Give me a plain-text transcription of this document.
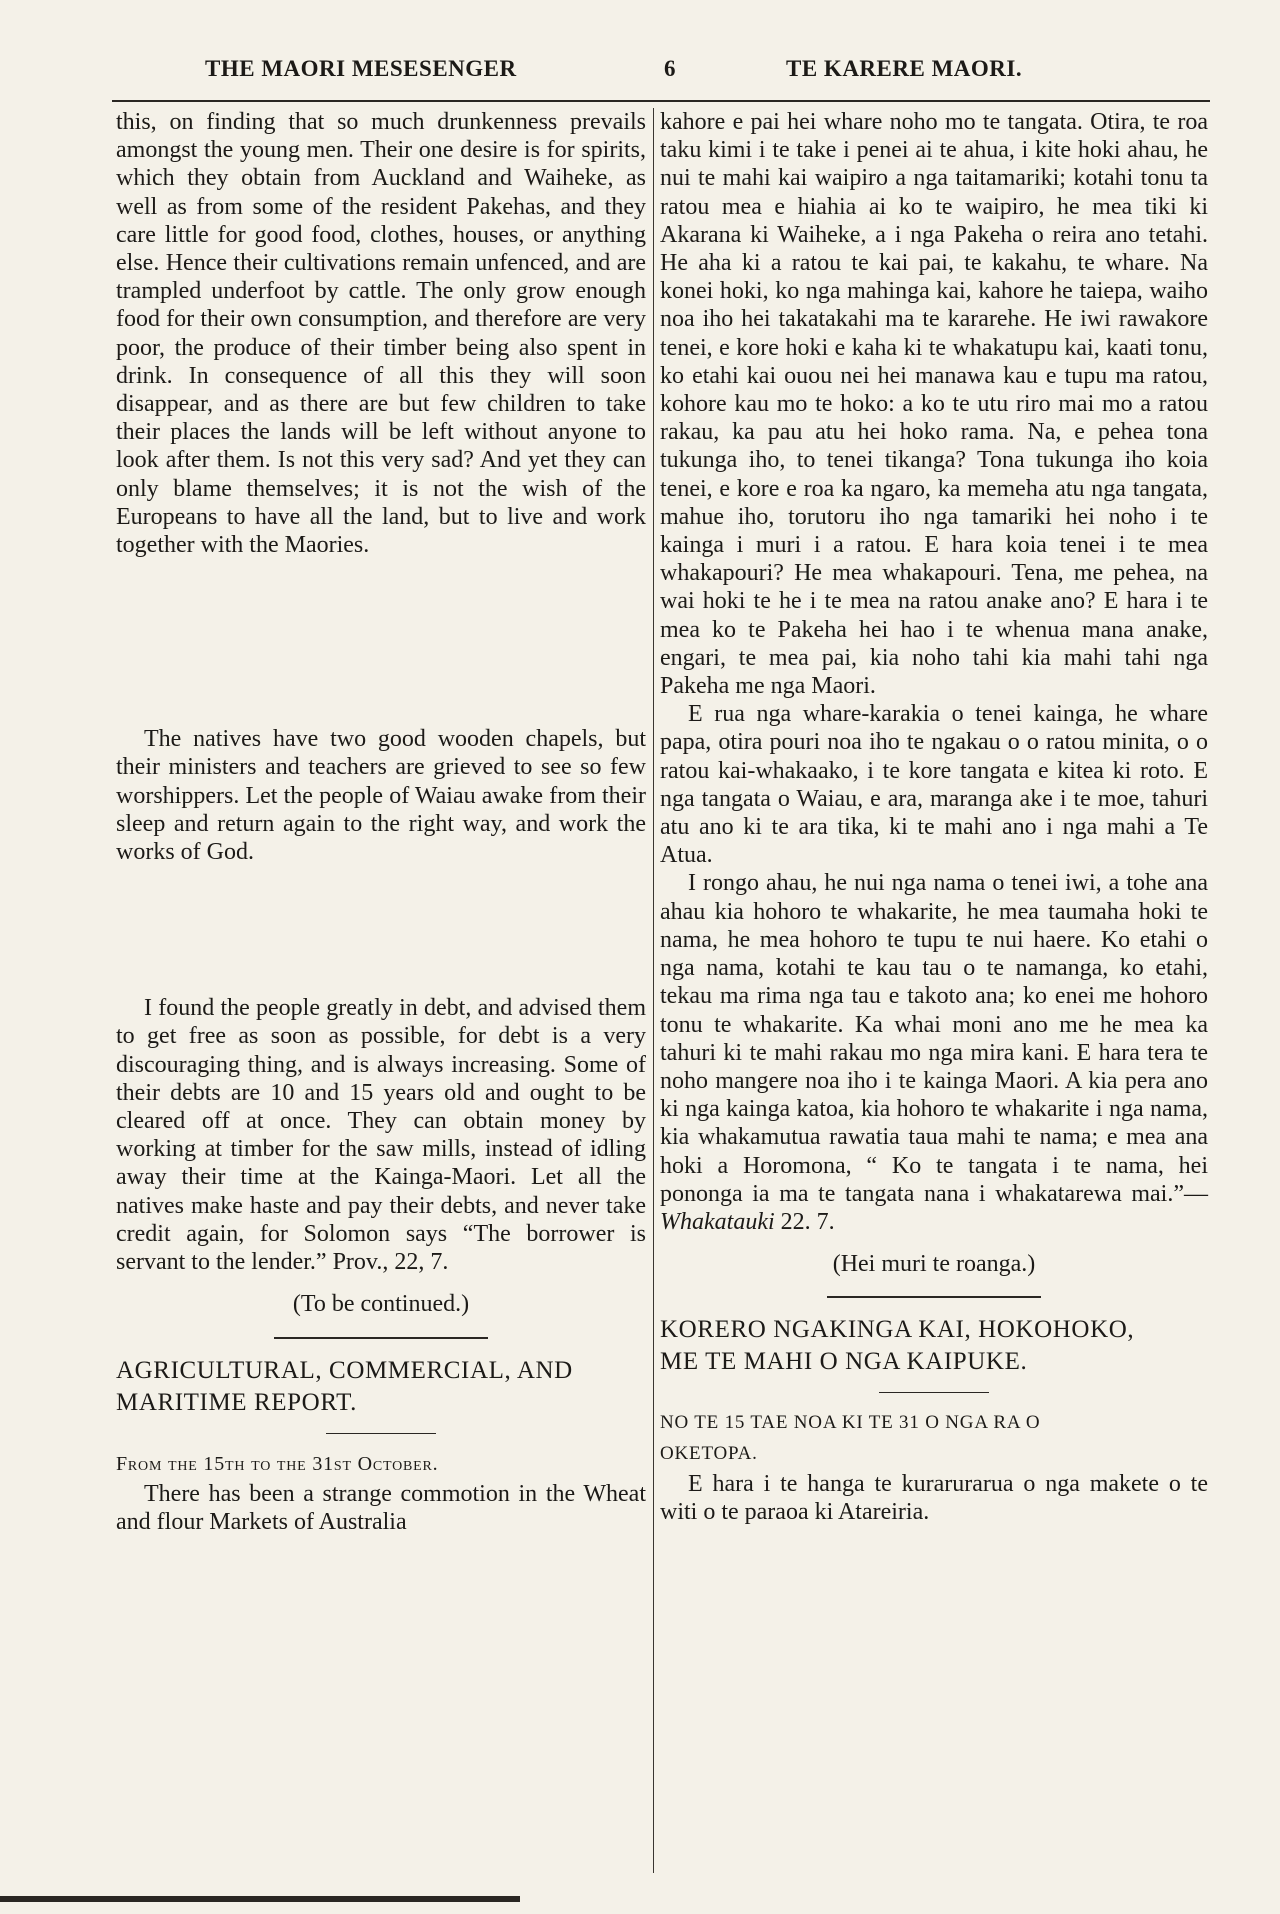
THE MAORI MESESENGER	6	TE KARERE MAORI.

this, on finding that so much drunkenness prevails amongst the young men. Their one desire is for spirits, which they obtain from Auckland and Waiheke, as well as from some of the resident Pakehas, and they care little for good food, clothes, houses, or anything else. Hence their cultivations remain unfenced, and are trampled underfoot by cattle. The only grow enough food for their own consumption, and therefore are very poor, the produce of their timber being also spent in drink. In consequence of all this they will soon disappear, and as there are but few children to take their places the lands will be left without anyone to look after them. Is not this very sad? And yet they can only blame themselves; it is not the wish of the Europeans to have all the land, but to live and work together with the Maories.

The natives have two good wooden chapels, but their ministers and teachers are grieved to see so few worshippers. Let the people of Waiau awake from their sleep and return again to the right way, and work the works of God.

I found the people greatly in debt, and advised them to get free as soon as possible, for debt is a very discouraging thing, and is always increasing. Some of their debts are 10 and 15 years old and ought to be cleared off at once. They can obtain money by working at timber for the saw mills, instead of idling away their time at the Kainga-Maori. Let all the natives make haste and pay their debts, and never take credit again, for Solomon says “The borrower is servant to the lender.” Prov., 22, 7.

(To be continued.)

AGRICULTURAL, COMMERCIAL, AND

MARITIME REPORT.

From the 15th to the 31st October.

There has been a strange commotion in the Wheat and flour Markets of Australia

kahore e pai hei whare noho mo te tangata. Otira, te roa taku kimi i te take i penei ai te ahua, i kite hoki ahau, he nui te mahi kai waipiro a nga taitamariki; kotahi tonu ta ratou mea e hiahia ai ko te waipiro, he mea tiki ki Akarana ki Waiheke, a i nga Pakeha o reira ano tetahi. He aha ki a ratou te kai pai, te kakahu, te whare. Na konei hoki, ko nga mahinga kai, kahore he taiepa, waiho noa iho hei takatakahi ma te kararehe. He iwi rawakore tenei, e kore hoki e kaha ki te whakatupu kai, kaati tonu, ko etahi kai ouou nei hei manawa kau e tupu ma ratou, kohore kau mo te hoko: a ko te utu riro mai mo a ratou rakau, ka pau atu hei hoko rama. Na, e pehea tona tukunga iho, to tenei tikanga? Tona tukunga iho koia tenei, e kore e roa ka ngaro, ka memeha atu nga tangata, mahue iho, torutoru iho nga tamariki hei noho i te kainga i muri i a ratou. E hara koia tenei i te mea whakapouri? He mea whakapouri. Tena, me pehea, na wai hoki te he i te mea na ratou anake ano? E hara i te mea ko te Pakeha hei hao i te whenua mana anake, engari, te mea pai, kia noho tahi kia mahi tahi nga Pakeha me nga Maori.

E rua nga whare-karakia o tenei kainga, he whare papa, otira pouri noa iho te ngakau o o ratou minita, o o ratou kai-whakaako, i te kore tangata e kitea ki roto. E nga tangata o Waiau, e ara, maranga ake i te moe, tahuri atu ano ki te ara tika, ki te mahi ano i nga mahi a Te Atua.

I rongo ahau, he nui nga nama o tenei iwi, a tohe ana ahau kia hohoro te whakarite, he mea taumaha hoki te nama, he mea hohoro te tupu te nui haere. Ko etahi o nga nama, kotahi te kau tau o te namanga, ko etahi, tekau ma rima nga tau e takoto ana; ko enei me hohoro tonu te whakarite. Ka whai moni ano me he mea ka tahuri ki te mahi rakau mo nga mira kani. E hara tera te noho mangere noa iho i te kainga Maori. A kia pera ano ki nga kainga katoa, kia hohoro te whakarite i nga nama, kia whakamutua rawatia taua mahi te nama; e mea ana hoki a Horomona, “ Ko te tangata i te nama, hei pononga ia ma te tangata nana i whakatarewa mai.”—Whakatauki 22. 7.

(Hei muri te roanga.)

KORERO NGAKINGA KAI, HOKOHOKO,

ME TE MAHI O NGA KAIPUKE.

NO TE 15 TAE NOA KI TE 31 O NGA RA O

OKETOPA.

E hara i te hanga te kurarurarua o nga makete o te witi o te paraoa ki Atareiria.
